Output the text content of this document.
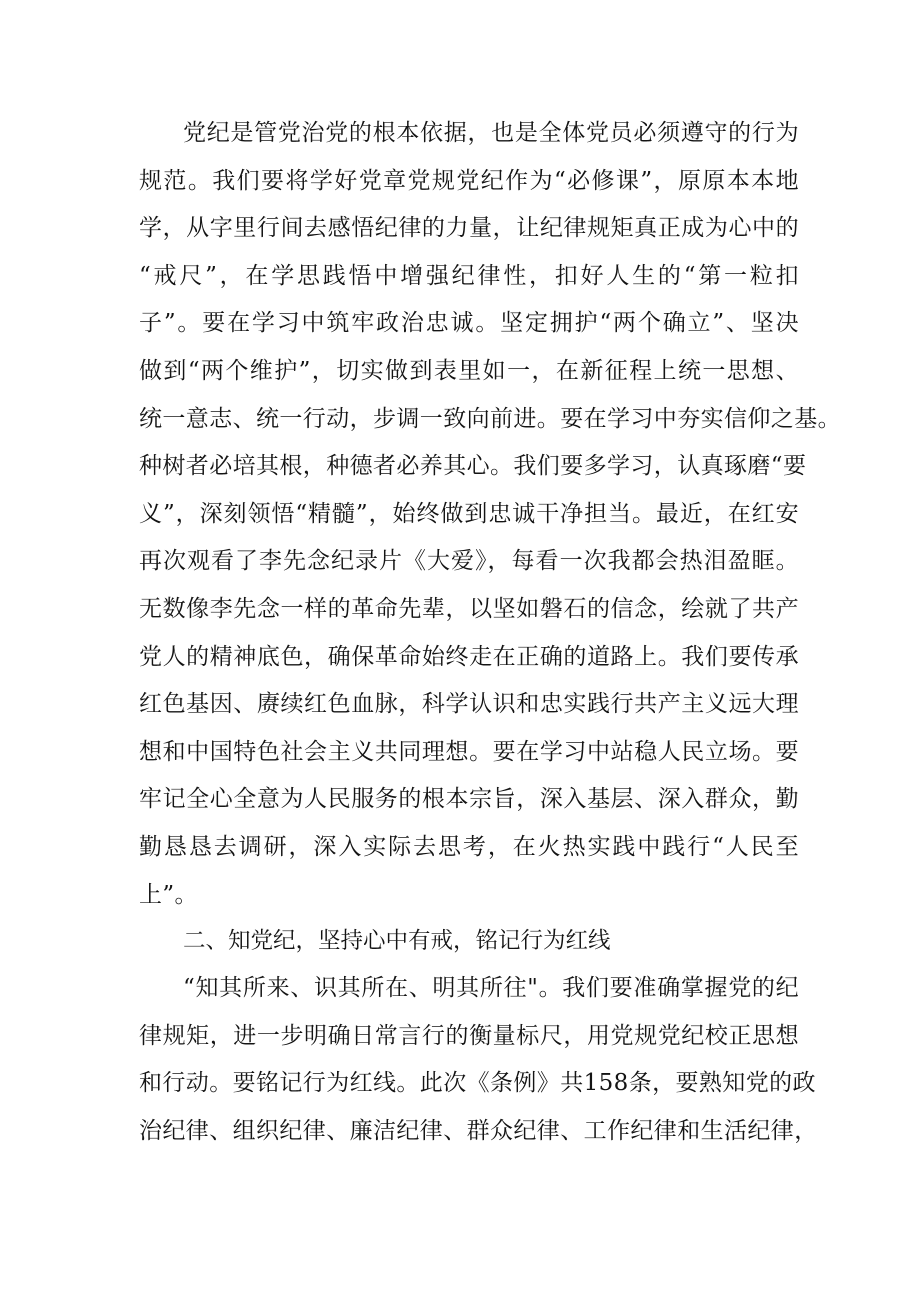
党纪是管党治党的根本依据，也是全体党员必须遵守的行为
规范。我们要将学好党章党规党纪作为“必修课”，原原本本地
学，从字里行间去感悟纪律的力量，让纪律规矩真正成为心中的
“戒尺”，在学思践悟中增强纪律性，扣好人生的“第一粒扣
子”。要在学习中筑牢政治忠诚。坚定拥护“两个确立”、坚决
做到“两个维护”，切实做到表里如一，在新征程上统一思想、
统一意志、统一行动，步调一致向前进。要在学习中夯实信仰之基。
种树者必培其根，种德者必养其心。我们要多学习，认真琢磨“要
义”，深刻领悟“精髓”，始终做到忠诚干净担当。最近，在红安
再次观看了李先念纪录片《大爱》，每看一次我都会热泪盈眶。
无数像李先念一样的革命先辈，以坚如磐石的信念，绘就了共产
党人的精神底色，确保革命始终走在正确的道路上。我们要传承
红色基因、赓续红色血脉，科学认识和忠实践行共产主义远大理
想和中国特色社会主义共同理想。要在学习中站稳人民立场。要
牢记全心全意为人民服务的根本宗旨，深入基层、深入群众，勤
勤恳恳去调研，深入实际去思考，在火热实践中践行“人民至
上”。
二、知党纪，坚持心中有戒，铭记行为红线
“知其所来、识其所在、明其所往"。我们要准确掌握党的纪
律规矩，进一步明确日常言行的衡量标尺，用党规党纪校正思想
和行动。要铭记行为红线。此次《条例》共158条，要熟知党的政
治纪律、组织纪律、廉洁纪律、群众纪律、工作纪律和生活纪律，
